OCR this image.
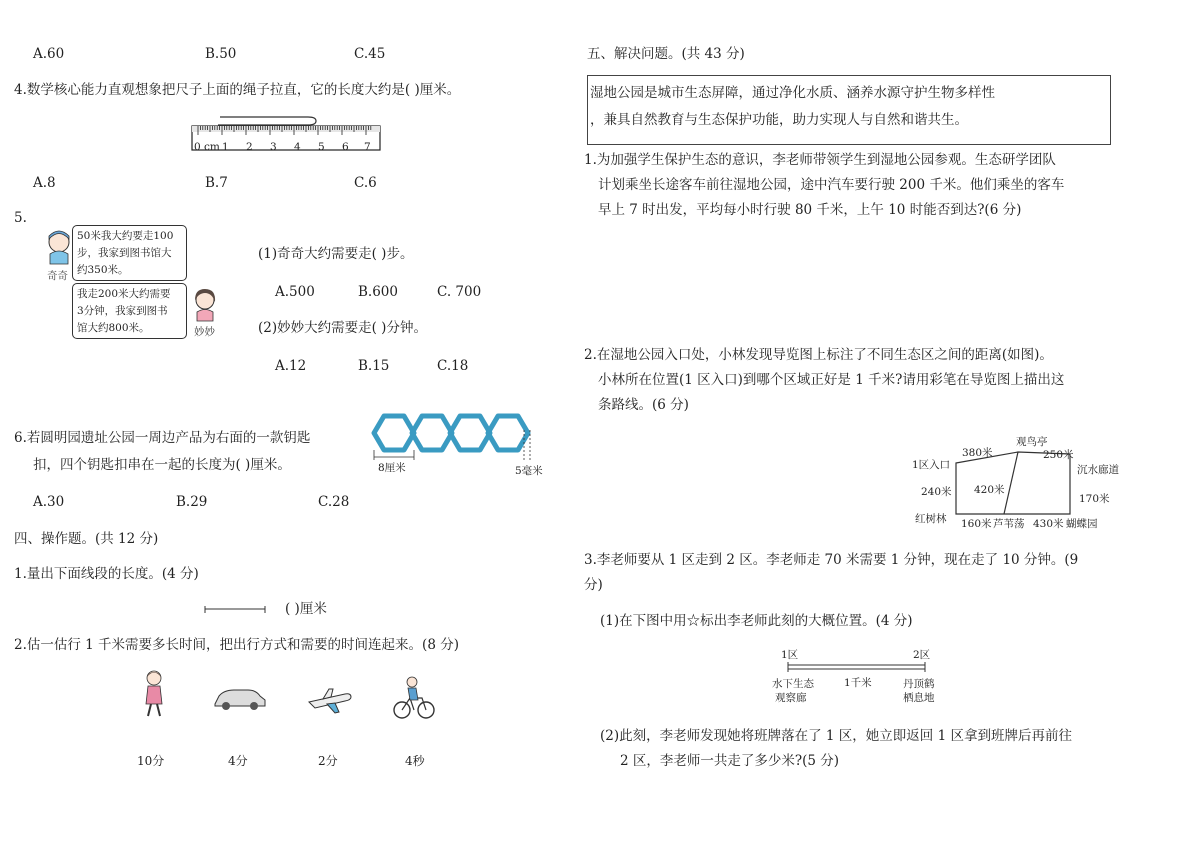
A.60	B.50	C.45
4.数学核心能力直观想象把尺子上面的绳子拉直，它的长度大约是( )厘米。
0 cm 1 2 3 4 5 6 7
A.8	B.7	C.6
5.
奇奇
50米我大约要走100
步，我家到图书馆大
约350米。
我走200米大约需要
3分钟，我家到图书
馆大约800米。	妙妙
(1)奇奇大约需要走( )步。
A.500	B.600	C. 700
(2)妙妙大约需要走( )分钟。
A.12	B.15	C.18
6.若圆明园遗址公园一周边产品为右面的一款钥匙
扣，四个钥匙扣串在一起的长度为( )厘米。	8厘米	5毫米
A.30	B.29	C.28
四、操作题。(共 12 分)
1.量出下面线段的长度。(4 分)
( )厘米
2.估一估行 1 千米需要多长时间，把出行方式和需要的时间连起来。(8 分)
10分	4分	2分	4秒
五、解决问题。(共 43 分)
湿地公园是城市生态屏障，通过净化水质、涵养水源守护生物多样性
，兼具自然教育与生态保护功能，助力实现人与自然和谐共生。
1.为加强学生保护生态的意识，李老师带领学生到湿地公园参观。生态研学团队
计划乘坐长途客车前往湿地公园，途中汽车要行驶 200 千米。他们乘坐的客车
早上 7 时出发，平均每小时行驶 80 千米，上午 10 时能否到达?(6 分)
2.在湿地公园入口处，小林发现导览图上标注了不同生态区之间的距离(如图)。
小林所在位置(1 区入口)到哪个区域正好是 1 千米?请用彩笔在导览图上描出这
条路线。(6 分)
观鸟亭
380米	250米
1区入口	沉水廊道
240米 420米
170米
红树林 160米 芦苇荡 430米 蝴蝶园
3.李老师要从 1 区走到 2 区。李老师走 70 米需要 1 分钟，现在走了 10 分钟。(9
分)
(1)在下图中用☆标出李老师此刻的大概位置。(4 分)
1区	2区
1千米
水下生态
观察廊
丹顶鹤
栖息地
(2)此刻，李老师发现她将班牌落在了 1 区，她立即返回 1 区拿到班牌后再前往
2 区，李老师一共走了多少米?(5 分)
